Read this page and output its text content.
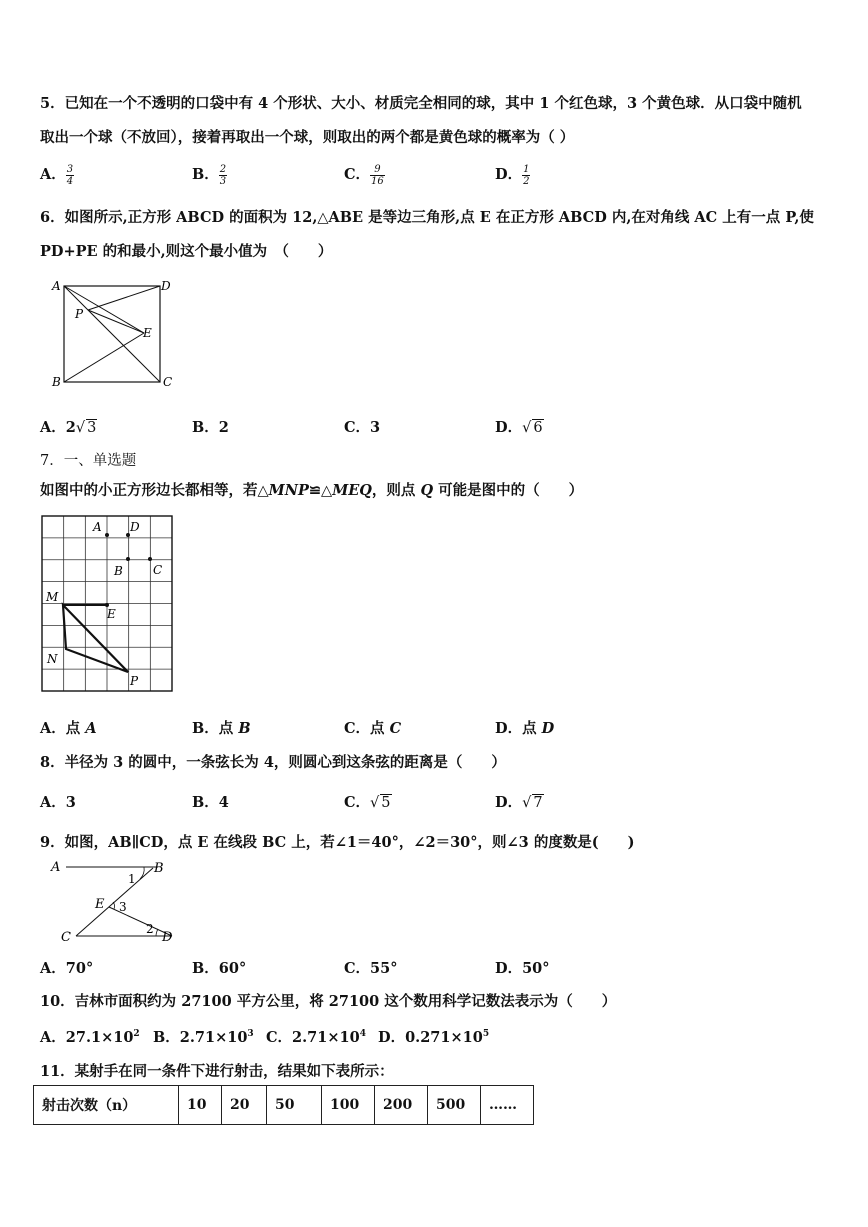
5．已知在一个不透明的口袋中有 4 个形状、大小、材质完全相同的球，其中 1 个红色球，3 个黄色球．从口袋中随机
取出一个球（不放回），接着再取出一个球，则取出的两个都是黄色球的概率为（ ）
A． $\frac{3}{4}$	B． $\frac{2}{3}$	C． $\frac{9}{16}$	D． $\frac{1}{2}$
6．如图所示,正方形 ABCD 的面积为 12,△ABE 是等边三角形,点 E 在正方形 ABCD 内,在对角线 AC 上有一点 P,使
PD+PE 的和最小,则这个最小值为　（　　）
A	D
B	C
P
E
A．2√ 3	B．2	C．3	D．√ 6
7．一、单选题
如图中的小正方形边长都相等，若△MNP≌△MEQ，则点 Q 可能是图中的（　　）
A D
B	C
M
E
N
P
A．点 A	B．点 B	C．点 C	D．点 D
8．半径为 3 的圆中，一条弦长为 4，则圆心到这条弦的距离是（　　）
A．3	B．4	C．√ 5	D．√ 7
9．如图，AB∥CD，点 E 在线段 BC 上，若∠1＝40°，∠2＝30°，则∠3 的度数是(　　)
A	B
E
C	D
1
3
2
A．70°	B．60°	C．55°	D．50°
10．吉林市面积约为 27100 平方公里，将 27100 这个数用科学记数法表示为（　　）
A．$27.1\times 10^2$ B．$2.71\times 10^3$ C．$2.71\times 10^4$ D．$0.271\times 10^5$
11．某射手在同一条件下进行射击，结果如下表所示：
射击次数（n）	10	20	50	100	200	500	……
